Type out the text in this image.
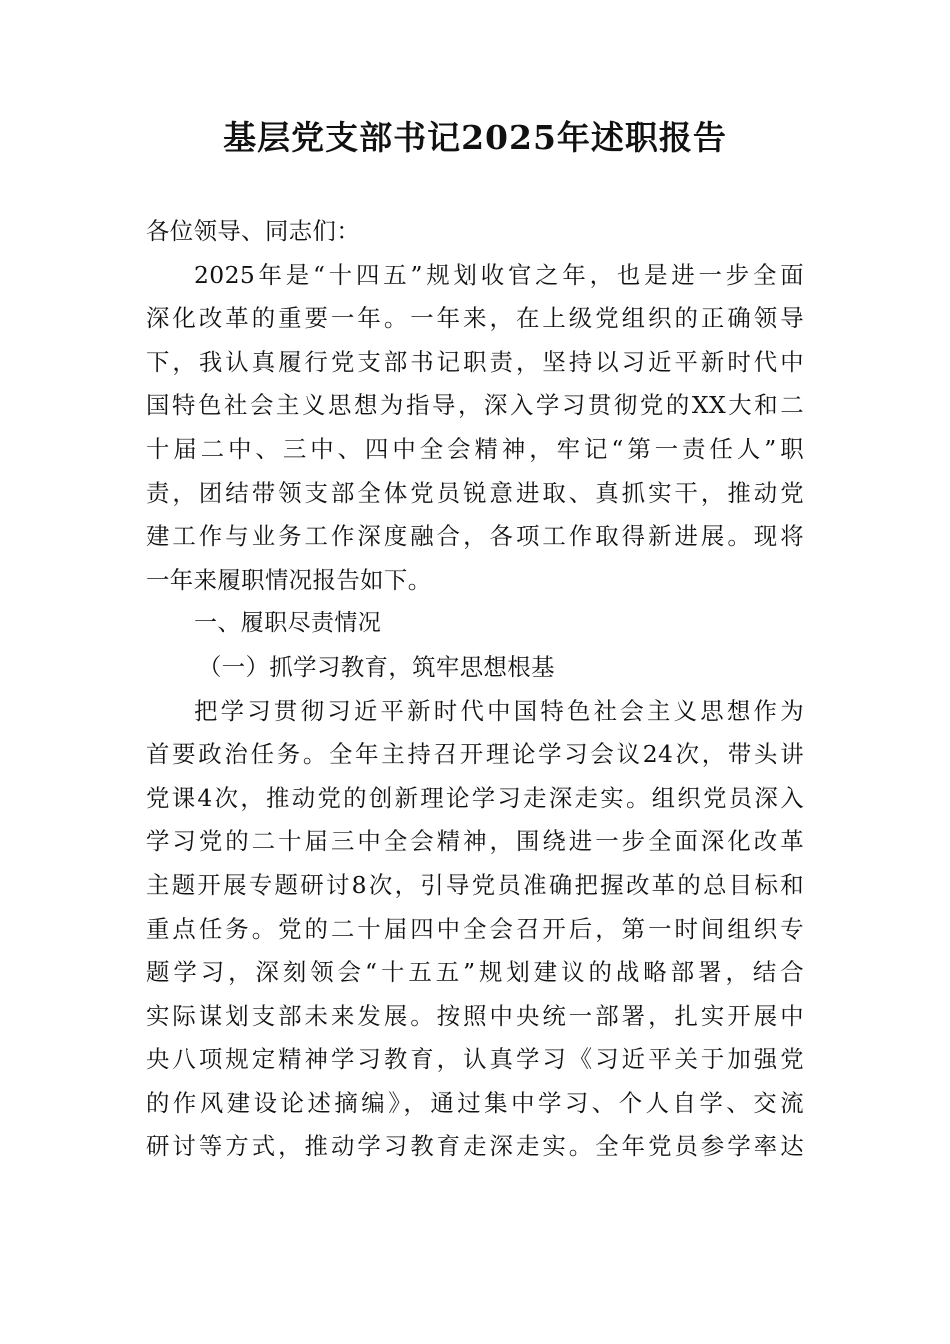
基层党支部书记2025年述职报告
各位领导、同志们：
2025年是“十四五”规划收官之年，也是进一步全面
深化改革的重要一年。一年来，在上级党组织的正确领导
下，我认真履行党支部书记职责，坚持以习近平新时代中
国特色社会主义思想为指导，深入学习贯彻党的XX大和二
十届二中、三中、四中全会精神，牢记“第一责任人”职
责，团结带领支部全体党员锐意进取、真抓实干，推动党
建工作与业务工作深度融合，各项工作取得新进展。现将
一年来履职情况报告如下。
一、履职尽责情况
（一）抓学习教育，筑牢思想根基
把学习贯彻习近平新时代中国特色社会主义思想作为
首要政治任务。全年主持召开理论学习会议24次，带头讲
党课4次，推动党的创新理论学习走深走实。组织党员深入
学习党的二十届三中全会精神，围绕进一步全面深化改革
主题开展专题研讨8次，引导党员准确把握改革的总目标和
重点任务。党的二十届四中全会召开后，第一时间组织专
题学习，深刻领会“十五五”规划建议的战略部署，结合
实际谋划支部未来发展。按照中央统一部署，扎实开展中
央八项规定精神学习教育，认真学习《习近平关于加强党
的作风建设论述摘编》，通过集中学习、个人自学、交流
研讨等方式，推动学习教育走深走实。全年党员参学率达
